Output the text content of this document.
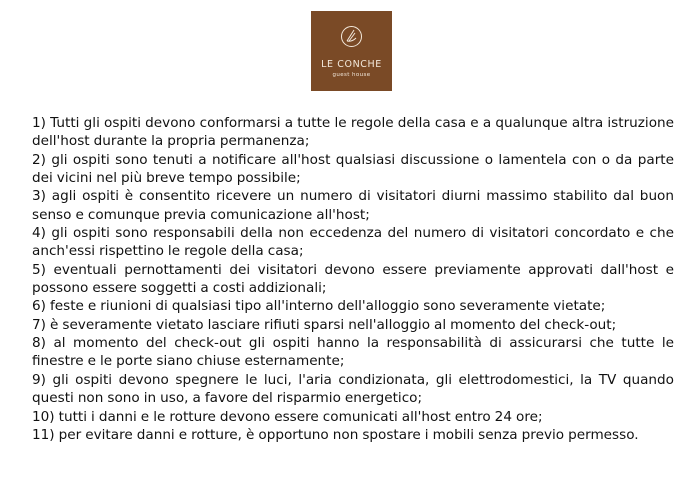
LE CONCHE
guest house
1) Tutti gli ospiti devono conformarsi a tutte le regole della casa e a qualunque altra istruzione dell'host durante la propria permanenza;
2) gli ospiti sono tenuti a notificare all'host qualsiasi discussione o lamentela con o da parte dei vicini nel più breve tempo possibile;
3) agli ospiti è consentito ricevere un numero di visitatori diurni massimo stabilito dal buon senso e comunque previa comunicazione all'host;
4) gli ospiti sono responsabili della non eccedenza del numero di visitatori concordato e che anch'essi rispettino le regole della casa;
5) eventuali pernottamenti dei visitatori devono essere previamente approvati dall'host e possono essere soggetti a costi addizionali;
6) feste e riunioni di qualsiasi tipo all'interno dell'alloggio sono severamente vietate;
7) è severamente vietato lasciare rifiuti sparsi nell'alloggio al momento del check-out;
8) al momento del check-out gli ospiti hanno la responsabilità di assicurarsi che tutte le finestre e le porte siano chiuse esternamente;
9) gli ospiti devono spegnere le luci, l'aria condizionata, gli elettrodomestici, la TV quando questi non sono in uso, a favore del risparmio energetico;
10) tutti i danni e le rotture devono essere comunicati all'host entro 24 ore;
11) per evitare danni e rotture, è opportuno non spostare i mobili senza previo permesso.
